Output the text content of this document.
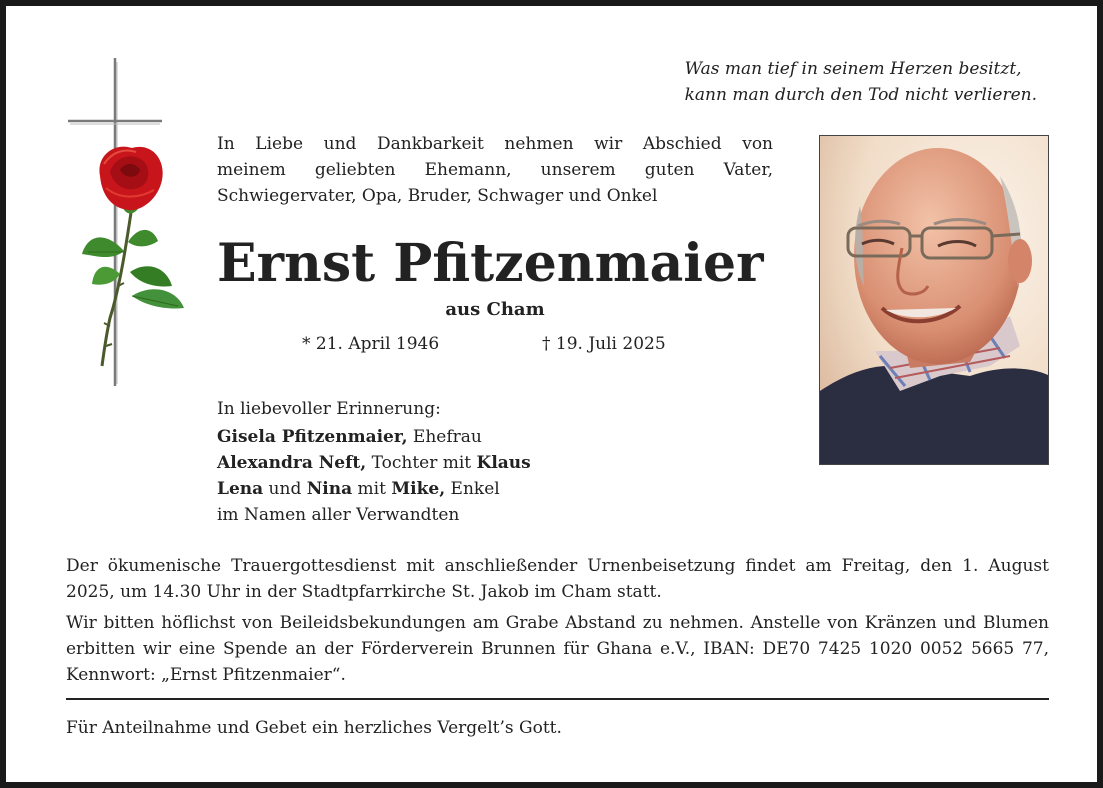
Was man tief in seinem Herzen besitzt,
kann man durch den Tod nicht verlieren.
In Liebe und Dankbarkeit nehmen wir Abschied von
meinem geliebten Ehemann, unserem guten Vater,
Schwiegervater, Opa, Bruder, Schwager und Onkel
Ernst Pfitzenmaier
aus Cham
* 21. April 1946	† 19. Juli 2025
In liebevoller Erinnerung:
Gisela Pfitzenmaier, Ehefrau
Alexandra Neft, Tochter mit Klaus
Lena und Nina mit Mike, Enkel
im Namen aller Verwandten

Der ökumenische Trauergottesdienst mit anschließender Urnenbeisetzung findet am Freitag, den 1. August 2025, um 14.30 Uhr in der Stadtpfarrkirche St. Jakob im Cham statt.

Wir bitten höflichst von Beileidsbekundungen am Grabe Abstand zu nehmen. Anstelle von Kränzen und Blumen erbitten wir eine Spende an der Förderverein Brunnen für Ghana e.V., IBAN: DE70 7425 1020 0052 5665 77, Kennwort: „Ernst Pfitzenmaier“.

Für Anteilnahme und Gebet ein herzliches Vergelt’s Gott.
